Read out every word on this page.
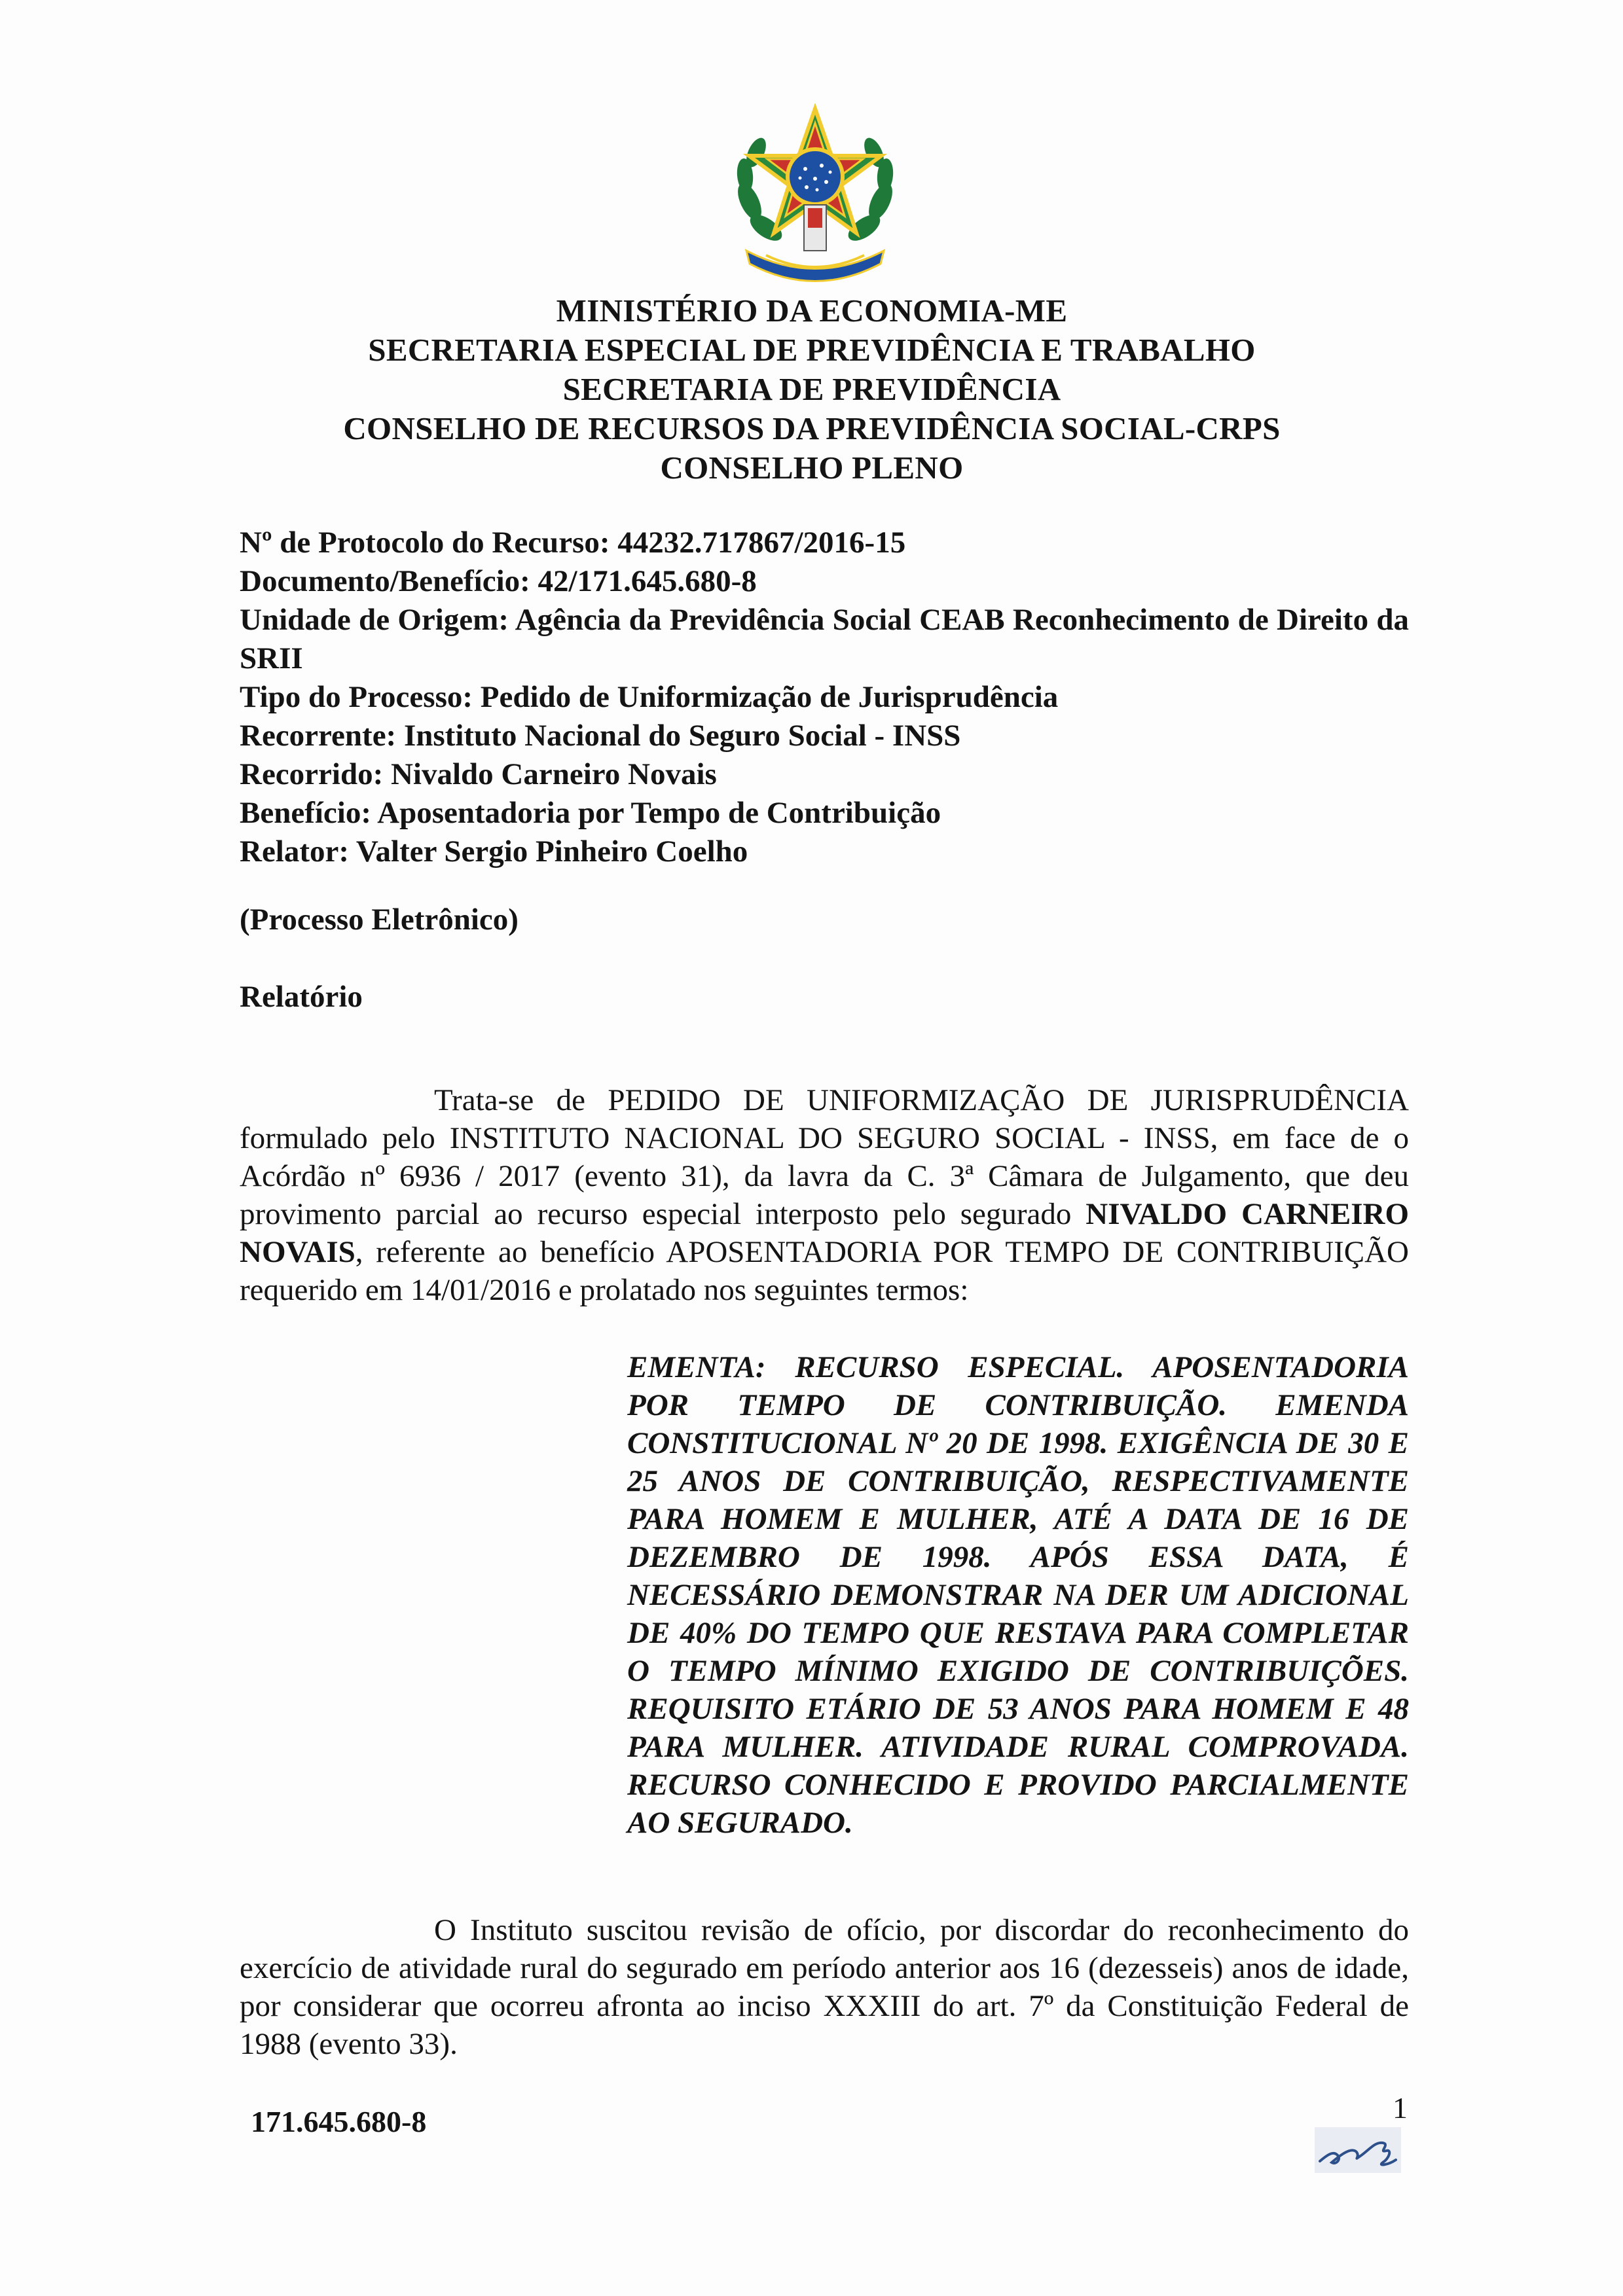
MINISTÉRIO DA ECONOMIA-ME
SECRETARIA ESPECIAL DE PREVIDÊNCIA E TRABALHO
SECRETARIA DE PREVIDÊNCIA
CONSELHO DE RECURSOS DA PREVIDÊNCIA SOCIAL-CRPS
CONSELHO PLENO
Nº de Protocolo do Recurso: 44232.717867/2016-15
Documento/Benefício: 42/171.645.680-8
Unidade de Origem: Agência da Previdência Social CEAB Reconhecimento de Direito da SRII
Tipo do Processo: Pedido de Uniformização de Jurisprudência
Recorrente: Instituto Nacional do Seguro Social - INSS
Recorrido: Nivaldo Carneiro Novais
Benefício: Aposentadoria por Tempo de Contribuição
Relator: Valter Sergio Pinheiro Coelho
(Processo Eletrônico)
Relatório
Trata-se de PEDIDO DE UNIFORMIZAÇÃO DE JURISPRUDÊNCIA formulado pelo INSTITUTO NACIONAL DO SEGURO SOCIAL - INSS, em face de o Acórdão nº 6936 / 2017 (evento 31), da lavra da C. 3ª Câmara de Julgamento, que deu provimento parcial ao recurso especial interposto pelo segurado NIVALDO CARNEIRO NOVAIS, referente ao benefício APOSENTADORIA POR TEMPO DE CONTRIBUIÇÃO requerido em 14/01/2016 e prolatado nos seguintes termos:
EMENTA: RECURSO ESPECIAL. APOSENTADORIA POR TEMPO DE CONTRIBUIÇÃO. EMENDA CONSTITUCIONAL Nº 20 DE 1998. EXIGÊNCIA DE 30 E 25 ANOS DE CONTRIBUIÇÃO, RESPECTIVAMENTE PARA HOMEM E MULHER, ATÉ A DATA DE 16 DE DEZEMBRO DE 1998. APÓS ESSA DATA, É NECESSÁRIO DEMONSTRAR NA DER UM ADICIONAL DE 40% DO TEMPO QUE RESTAVA PARA COMPLETAR O TEMPO MÍNIMO EXIGIDO DE CONTRIBUIÇÕES. REQUISITO ETÁRIO DE 53 ANOS PARA HOMEM E 48 PARA MULHER. ATIVIDADE RURAL COMPROVADA. RECURSO CONHECIDO E PROVIDO PARCIALMENTE AO SEGURADO.
O Instituto suscitou revisão de ofício, por discordar do reconhecimento do exercício de atividade rural do segurado em período anterior aos 16 (dezesseis) anos de idade, por considerar que ocorreu afronta ao inciso XXXIII do art. 7º da Constituição Federal de 1988 (evento 33).
171.645.680-8	1
